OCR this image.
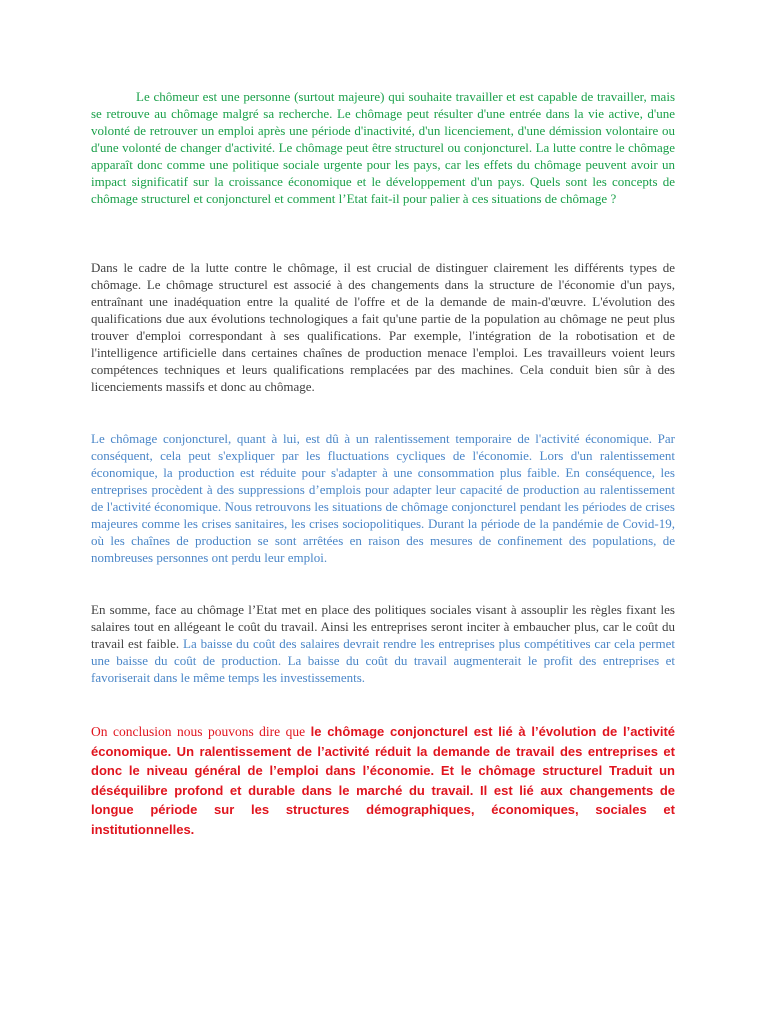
Le chômeur est une personne (surtout majeure) qui souhaite travailler et est capable de travailler, mais se retrouve au chômage malgré sa recherche. Le chômage peut résulter d'une entrée dans la vie active, d'une volonté de retrouver un emploi après une période d'inactivité, d'un licenciement, d'une démission volontaire ou d'une volonté de changer d'activité. Le chômage peut être structurel ou conjoncturel. La lutte contre le chômage apparaît donc comme une politique sociale urgente pour les pays, car les effets du chômage peuvent avoir un impact significatif sur la croissance économique et le développement d'un pays. Quels sont les concepts de chômage structurel et conjoncturel et comment l’Etat fait-il pour palier à ces situations de chômage ?

Dans le cadre de la lutte contre le chômage, il est crucial de distinguer clairement les différents types de chômage. Le chômage structurel est associé à des changements dans la structure de l'économie d'un pays, entraînant une inadéquation entre la qualité de l'offre et de la demande de main-d'œuvre. L'évolution des qualifications due aux évolutions technologiques a fait qu'une partie de la population au chômage ne peut plus trouver d'emploi correspondant à ses qualifications. Par exemple, l'intégration de la robotisation et de l'intelligence artificielle dans certaines chaînes de production menace l'emploi. Les travailleurs voient leurs compétences techniques et leurs qualifications remplacées par des machines. Cela conduit bien sûr à des licenciements massifs et donc au chômage.

Le chômage conjoncturel, quant à lui, est dû à un ralentissement temporaire de l'activité économique. Par conséquent, cela peut s'expliquer par les fluctuations cycliques de l'économie. Lors d'un ralentissement économique, la production est réduite pour s'adapter à une consommation plus faible. En conséquence, les entreprises procèdent à des suppressions d’emplois pour adapter leur capacité de production au ralentissement de l'activité économique. Nous retrouvons les situations de chômage conjoncturel pendant les périodes de crises majeures comme les crises sanitaires, les crises sociopolitiques. Durant la période de la pandémie de Covid-19, où les chaînes de production se sont arrêtées en raison des mesures de confinement des populations, de nombreuses personnes ont perdu leur emploi.

En somme, face au chômage l’Etat met en place des politiques sociales visant à assouplir les règles fixant les salaires tout en allégeant le coût du travail. Ainsi les entreprises seront inciter à embaucher plus, car le coût du travail est faible. La baisse du coût des salaires devrait rendre les entreprises plus compétitives car cela permet une baisse du coût de production. La baisse du coût du travail augmenterait le profit des entreprises et favoriserait dans le même temps les investissements.

On conclusion nous pouvons dire que le chômage conjoncturel est lié à l’évolution de l’activité économique. Un ralentissement de l’activité réduit la demande de travail des entreprises et donc le niveau général de l’emploi dans l’économie. Et le chômage structurel Traduit un déséquilibre profond et durable dans le marché du travail. Il est lié aux changements de longue période sur les structures démographiques, économiques, sociales et institutionnelles.
